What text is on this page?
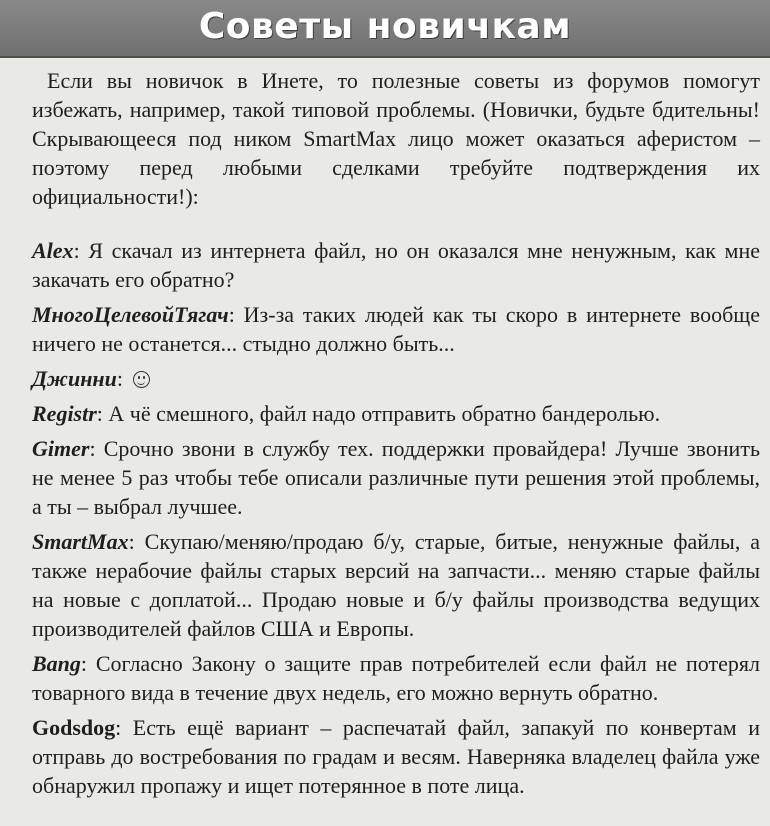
Советы новичкам

Если вы новичок в Инете, то полезные советы из форумов помогут избежать, например, такой типовой проблемы. (Новички, будьте бдительны! Скрывающееся под ником SmartMax лицо может оказаться аферистом – поэтому перед любыми сделками требуйте подтверждения их официальности!):

Alex: Я скачал из интернета файл, но он оказался мне ненужным, как мне закачать его обратно?

МногоЦелевойТягач: Из-за таких людей как ты скоро в интернете вообще ничего не останется... стыдно должно быть...

Джинни:

Registr: А чё смешного, файл надо отправить обратно бандеролью.

Gimer: Срочно звони в службу тех. поддержки провайдера! Лучше звонить не менее 5 раз чтобы тебе описали различные пути решения этой проблемы, а ты – выбрал лучшее.

SmartMax: Скупаю/меняю/продаю б/у, старые, битые, ненужные файлы, а также нерабочие файлы старых версий на запчасти... меняю старые файлы на новые с доплатой... Продаю новые и б/у файлы производства ведущих производителей файлов США и Европы.

Bang: Согласно Закону о защите прав потребителей если файл не потерял товарного вида в течение двух недель, его можно вернуть обратно.

Godsdog: Есть ещё вариант – распечатай файл, запакуй по конвертам и отправь до востребования по градам и весям. Наверняка владелец файла уже обнаружил пропажу и ищет потерянное в поте лица.
